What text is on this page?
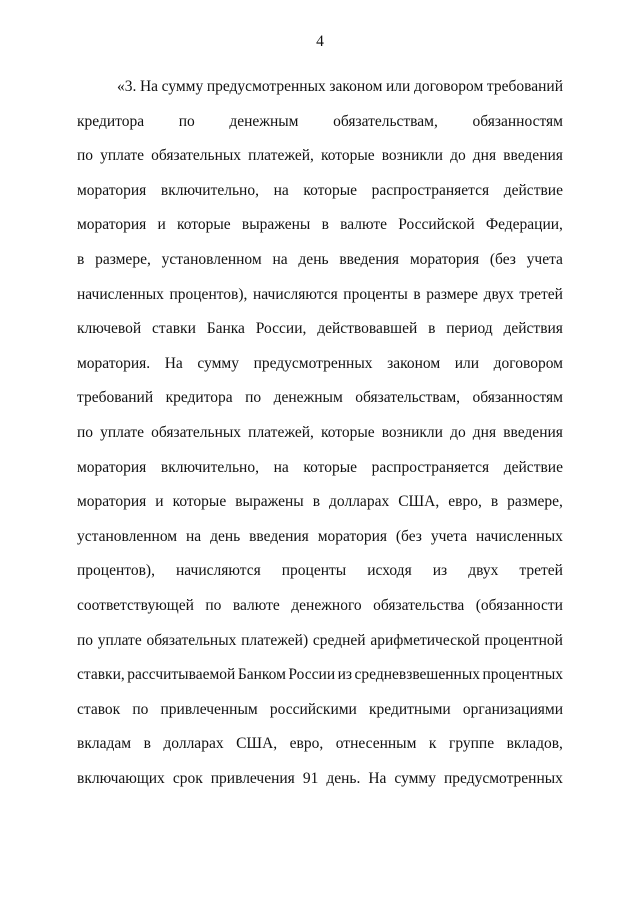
4
«3. На сумму предусмотренных законом или договором требований
кредитора по денежным обязательствам, обязанностям
по уплате обязательных платежей, которые возникли до дня введения
моратория включительно, на которые распространяется действие
моратория и которые выражены в валюте Российской Федерации,
в размере, установленном на день введения моратория (без учета
начисленных процентов), начисляются проценты в размере двух третей
ключевой ставки Банка России, действовавшей в период действия
моратория. На сумму предусмотренных законом или договором
требований кредитора по денежным обязательствам, обязанностям
по уплате обязательных платежей, которые возникли до дня введения
моратория включительно, на которые распространяется действие
моратория и которые выражены в долларах США, евро, в размере,
установленном на день введения моратория (без учета начисленных
процентов), начисляются проценты исходя из двух третей
соответствующей по валюте денежного обязательства (обязанности
по уплате обязательных платежей) средней арифметической процентной
ставки, рассчитываемой Банком России из средневзвешенных процентных
ставок по привлеченным российскими кредитными организациями
вкладам в долларах США, евро, отнесенным к группе вкладов,
включающих срок привлечения 91 день. На сумму предусмотренных
